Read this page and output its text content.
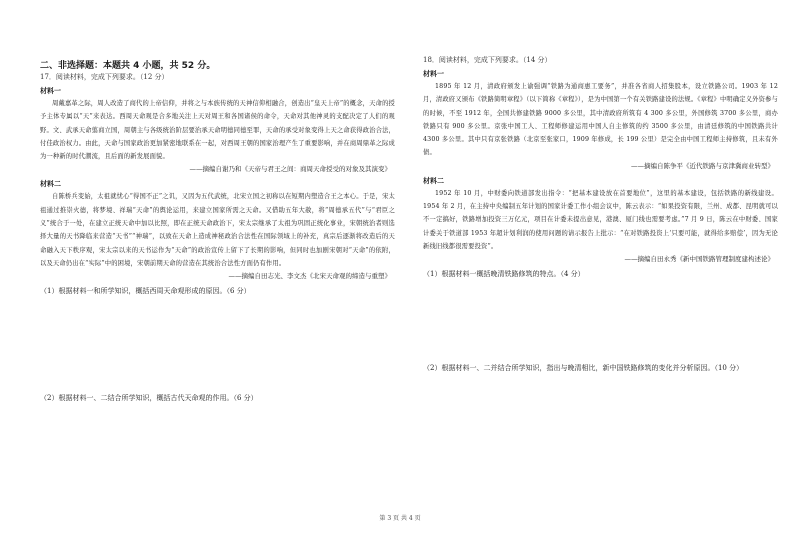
二、非选择题：本题共 4 小题，共 52 分。
17．阅读材料，完成下列要求。（12 分）
材料一
周戴嘉革之际，周人改造了商代的上帝信仰，并将之与本族传统的天神信仰相融合，创造出“皇天上帝”的概念，天命的授予主体专属以“天”来表达。西周天命观是合多地关注上天对周王和各国诸侯的命令，天命对其他神灵的支配决定了人们的观野。文、武承天命翦商立国，周朝主与各级统治阶层要治承天命明德同德至罪，天命的承受对象变得上天之命获得政治合法，付佳政治权力。由此，天命与国家政治更加紧密地联系在一起，对西周王朝的国家治理产生了重要影响，并在商周鼎革之际成为一种新的时代潮流，且后面的新发展面貌。
——摘编自谢乃和《天帝与君王之间：商周天命授受的对象及其演变》
材料二
自陈桥兵变始，太祖就忧心“得国不正”之讥，又因为五代武统，北宋立国之初称以在短期内塑造合王之本心。于是，宋太祖通过推崇火德，将梦境、祥瑞“天命”的舆论运用，来建立国家所需之天命。又借助五年大赦，将“周德承五代”与“君臣之义”统合于一处，在建立正统天命中加以比照，即在正统天命政治下，宋太宗继承了太祖为巩固正统化事业，宋朝统治者则选择大量的天书降临来营造“天书”“神瑞”，以致在天命上造成神秘政治合法性在国际领域上的补充，真宗后逐渐将改造后的天命融入天下秩序观，宋太宗以来的天书运作为“天命”的政治宣传上留下了长期的影响，但同时也加剧宋朝对“天命”的依附，以及天命仍出在“实际”中的困境，宋朝前期天命的营造在其统治合法性方面仍有作用。
——摘编自田志光、李文杰《北宋天命观的缔造与重塑》
（1）根据材料一和所学知识，概括西周天命观形成的原因。（6 分）
（2）根据材料一、二结合所学知识，概括古代天命观的作用。（6 分）
18．阅读材料，完成下列要求。（14 分）
材料一
1895 年 12 月，清政府颁发上谕强调“铁路为通商惠工要务”，并准各省商人招集股本，设立铁路公司。1903 年 12 月，清政府又颁布《铁路简明章程》（以下简称《章程》），是为中国第一个有关铁路建设的法规。《章程》中明确定义外资参与的时候，不至 1912 年，全国共修建铁路 9000 多公里，其中清政府所筑有 4 300 多公里，外国修筑 3700 多公里，商办铁路只有 900 多公里。京张中国工人、工程师修建运用中国人自主修筑的约 3500 多公里，由清廷修筑的中国铁路共计 4300 多公里。其中只有京张铁路（北京至张家口，1909 年修成，长 199 公里）是完全由中国工程师主持修筑，且未有外债。
——摘编自陈争平《近代铁路与京津冀商业转型》
材料二
1952 年 10 月，中财委向铁道部发出指令：“把基本建设放在首要地位”，这里的基本建设，包括铁路的新线建设。1954 年 2 月，在主持中央编制五年计划的国家计委工作小组会议中，陈云表示：“如果投资有限，兰州、成都、昆明就可以不一定搞好，铁路增加投资三万亿元，项目在计委未提出意见，港澳、厦门线也需要考虑。”7 月 9 日，陈云在中财委、国家计委关于铁道部 1953 年超计划利润的使用问题的请示报告上批示：“在对铁路投资上‘只要可能，就得给多赔偿’，因为无论新线旧线都很需要投资”。
——摘编自田永秀《新中国铁路管理制度建构述论》
（1）根据材料一概括晚清铁路修筑的特点。（4 分）
（2）根据材料一、二并结合所学知识，指出与晚清相比，新中国铁路修筑的变化并分析原因。（10 分）
第 3 页 共 4 页
